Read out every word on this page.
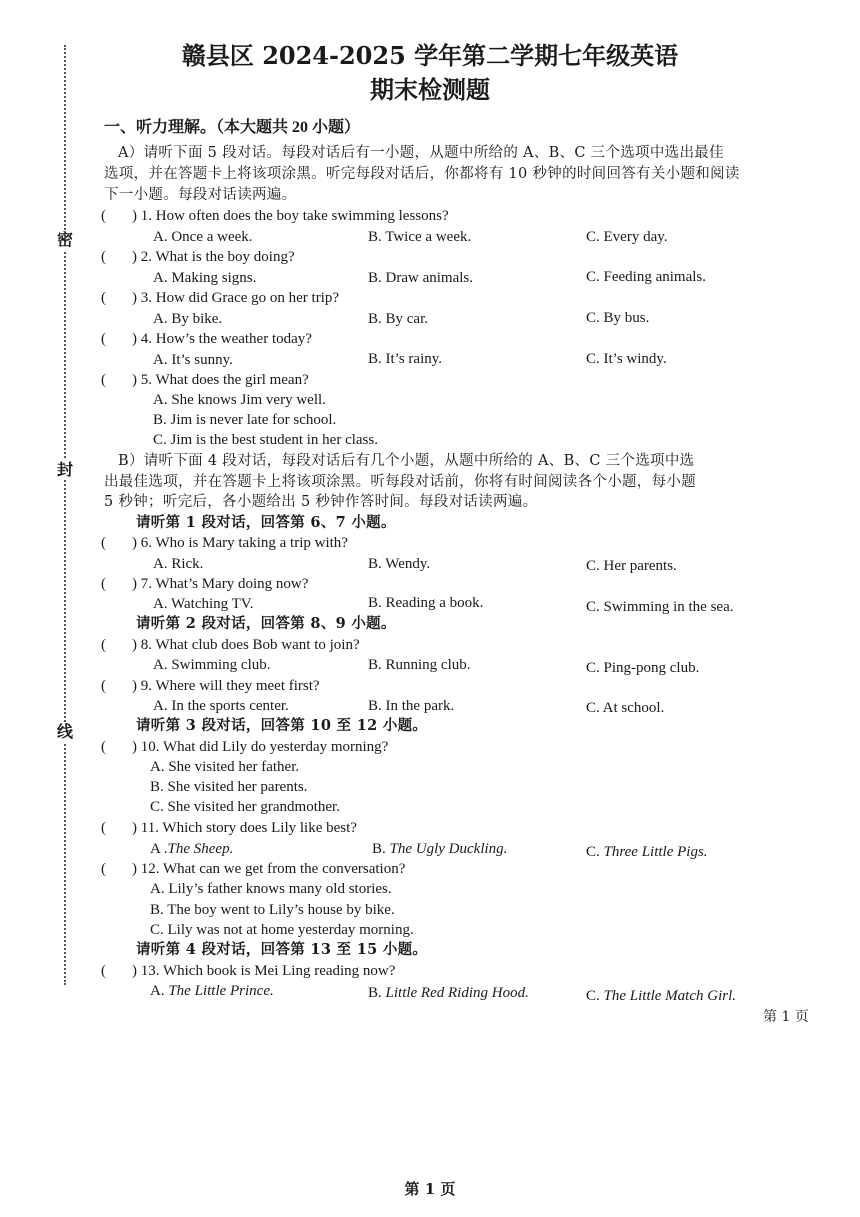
密
封
线
赣县区 2024-2025 学年第二学期七年级英语
期末检测题
一、听力理解。（本大题共 20 小题）
A）请听下面 5 段对话。每段对话后有一小题，从题中所给的 A、B、C 三个选项中选出最佳
选项，并在答题卡上将该项涂黑。听完每段对话后，你都将有 10 秒钟的时间回答有关小题和阅读
下一小题。每段对话读两遍。
( ) 1. How often does the boy take swimming lessons?
A. Once a week.	B. Twice a week.	C. Every day.
( ) 2. What is the boy doing?
A. Making signs.	B. Draw animals.	C. Feeding animals.
( ) 3. How did Grace go on her trip?
A. By bike.	B. By car.	C. By bus.
( ) 4. How’s the weather today?
A. It’s sunny.	B. It’s rainy.	C. It’s windy.
( ) 5. What does the girl mean?
A. She knows Jim very well.
B. Jim is never late for school.
C. Jim is the best student in her class.
B）请听下面 4 段对话，每段对话后有几个小题，从题中所给的 A、B、C 三个选项中选
出最佳选项，并在答题卡上将该项涂黑。听每段对话前，你将有时间阅读各个小题，每小题
5 秒钟；听完后，各小题给出 5 秒钟作答时间。每段对话读两遍。
请听第 1 段对话，回答第 6、7 小题。
( ) 6. Who is Mary taking a trip with?
A. Rick.	B. Wendy.	C. Her parents.
( ) 7. What’s Mary doing now?
A. Watching TV.	B. Reading a book.	C. Swimming in the sea.
请听第 2 段对话，回答第 8、9 小题。
( ) 8. What club does Bob want to join?
A. Swimming club.	B. Running club.	C. Ping-pong club.
( ) 9. Where will they meet first?
A. In the sports center.	B. In the park.	C. At school.
请听第 3 段对话，回答第 10 至 12 小题。
( ) 10. What did Lily do yesterday morning?
A. She visited her father.
B. She visited her parents.
C. She visited her grandmother.
( ) 11. Which story does Lily like best?
A .The Sheep.	B. The Ugly Duckling.	C. Three Little Pigs.
( ) 12. What can we get from the conversation?
A. Lily’s father knows many old stories.
B. The boy went to Lily’s house by bike.
C. Lily was not at home yesterday morning.
请听第 4 段对话，回答第 13 至 15 小题。
( ) 13. Which book is Mei Ling reading now?
A. The Little Prince.	B. Little Red Riding Hood.	C. The Little Match Girl.
第 1 页
第 1 页
